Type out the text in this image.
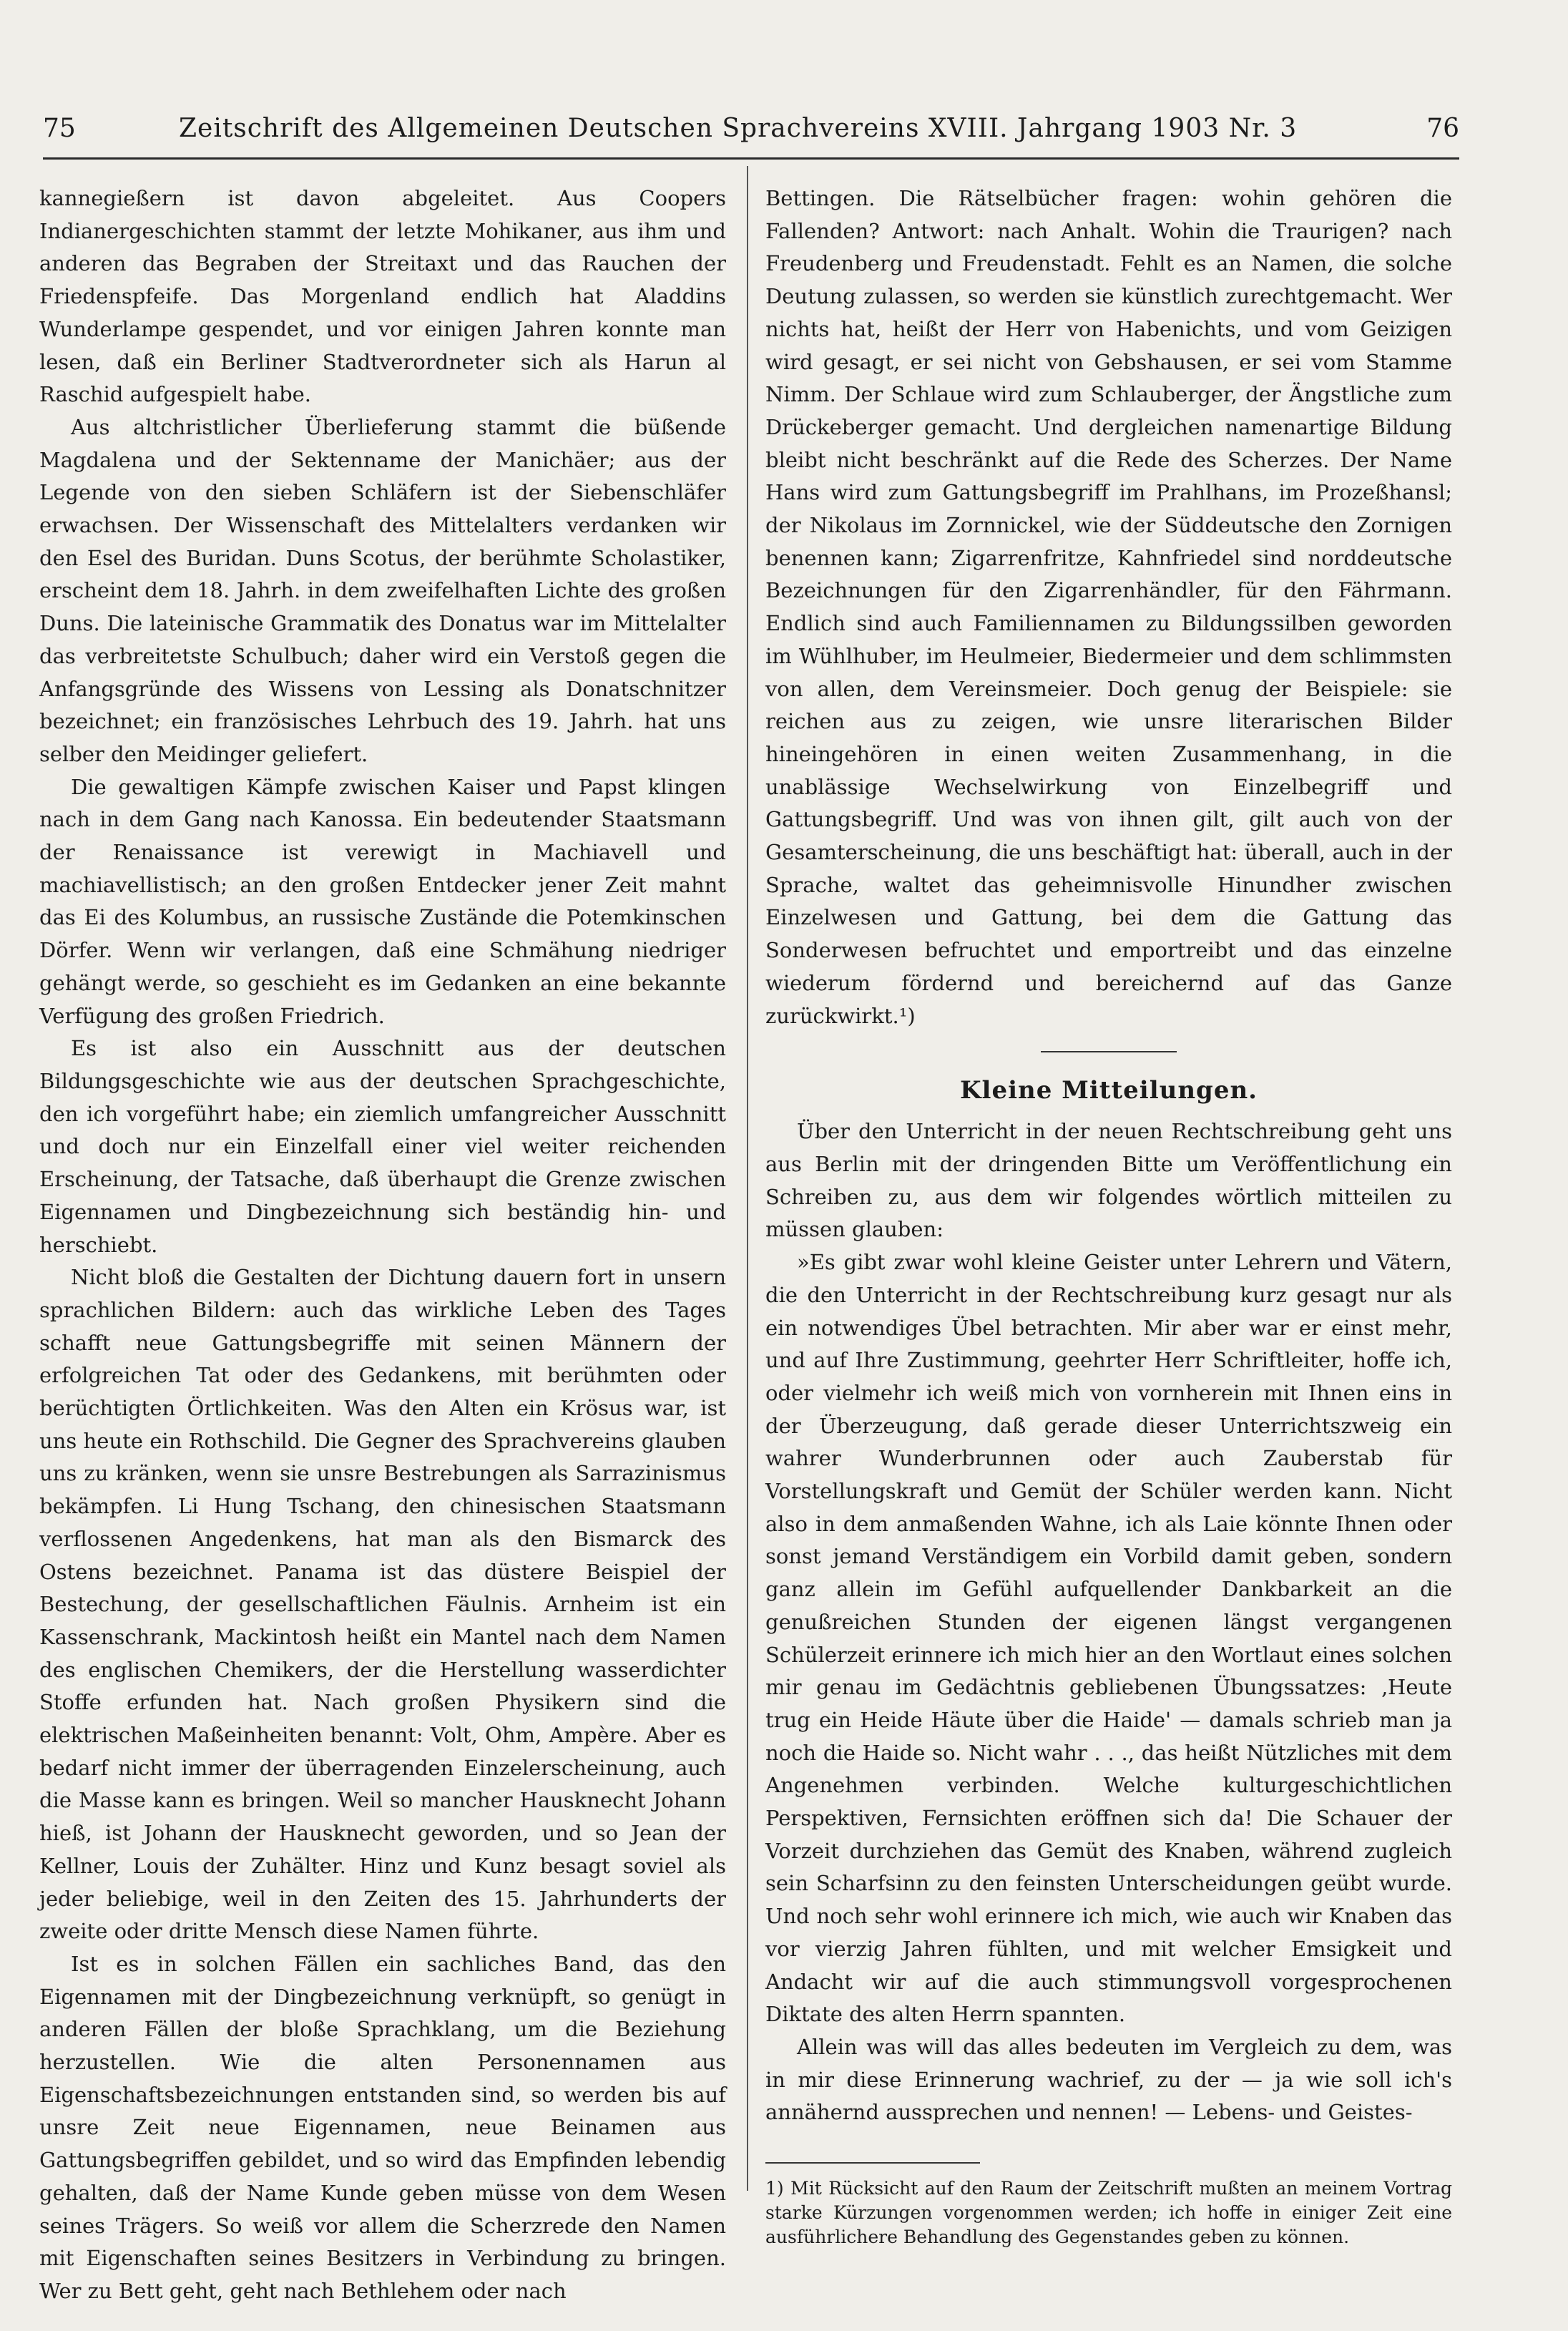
75	Zeitschrift des Allgemeinen Deutschen Sprachvereins XVIII. Jahrgang 1903 Nr. 3	76

kannegießern ist davon abgeleitet. Aus Coopers Indianergeschichten stammt der letzte Mohikaner, aus ihm und anderen das Begraben der Streitaxt und das Rauchen der Friedenspfeife. Das Morgenland endlich hat Aladdins Wunderlampe gespendet, und vor einigen Jahren konnte man lesen, daß ein Berliner Stadtverordneter sich als Harun al Raschid aufgespielt habe.

Aus altchristlicher Überlieferung stammt die büßende Magdalena und der Sektenname der Manichäer; aus der Legende von den sieben Schläfern ist der Siebenschläfer erwachsen. Der Wissenschaft des Mittelalters verdanken wir den Esel des Buridan. Duns Scotus, der berühmte Scholastiker, erscheint dem 18. Jahrh. in dem zweifelhaften Lichte des großen Duns. Die lateinische Grammatik des Donatus war im Mittelalter das verbreitetste Schulbuch; daher wird ein Verstoß gegen die Anfangsgründe des Wissens von Lessing als Donatschnitzer bezeichnet; ein französisches Lehrbuch des 19. Jahrh. hat uns selber den Meidinger geliefert.

Die gewaltigen Kämpfe zwischen Kaiser und Papst klingen nach in dem Gang nach Kanossa. Ein bedeutender Staatsmann der Renaissance ist verewigt in Machiavell und machiavellistisch; an den großen Entdecker jener Zeit mahnt das Ei des Kolumbus, an russische Zustände die Potemkinschen Dörfer. Wenn wir verlangen, daß eine Schmähung niedriger gehängt werde, so geschieht es im Gedanken an eine bekannte Verfügung des großen Friedrich.

Es ist also ein Ausschnitt aus der deutschen Bildungsgeschichte wie aus der deutschen Sprachgeschichte, den ich vorgeführt habe; ein ziemlich umfangreicher Ausschnitt und doch nur ein Einzelfall einer viel weiter reichenden Erscheinung, der Tatsache, daß überhaupt die Grenze zwischen Eigennamen und Dingbezeichnung sich beständig hin- und herschiebt.

Nicht bloß die Gestalten der Dichtung dauern fort in unsern sprachlichen Bildern: auch das wirkliche Leben des Tages schafft neue Gattungsbegriffe mit seinen Männern der erfolgreichen Tat oder des Gedankens, mit berühmten oder berüchtigten Örtlichkeiten. Was den Alten ein Krösus war, ist uns heute ein Rothschild. Die Gegner des Sprachvereins glauben uns zu kränken, wenn sie unsre Bestrebungen als Sarrazinismus bekämpfen. Li Hung Tschang, den chinesischen Staatsmann verflossenen Angedenkens, hat man als den Bismarck des Ostens bezeichnet. Panama ist das düstere Beispiel der Bestechung, der gesellschaftlichen Fäulnis. Arnheim ist ein Kassenschrank, Mackintosh heißt ein Mantel nach dem Namen des englischen Chemikers, der die Herstellung wasserdichter Stoffe erfunden hat. Nach großen Physikern sind die elektrischen Maßeinheiten benannt: Volt, Ohm, Ampère. Aber es bedarf nicht immer der überragenden Einzelerscheinung, auch die Masse kann es bringen. Weil so mancher Hausknecht Johann hieß, ist Johann der Hausknecht geworden, und so Jean der Kellner, Louis der Zuhälter. Hinz und Kunz besagt soviel als jeder beliebige, weil in den Zeiten des 15. Jahrhunderts der zweite oder dritte Mensch diese Namen führte.

Ist es in solchen Fällen ein sachliches Band, das den Eigennamen mit der Dingbezeichnung verknüpft, so genügt in anderen Fällen der bloße Sprachklang, um die Beziehung herzustellen. Wie die alten Personennamen aus Eigenschaftsbezeichnungen entstanden sind, so werden bis auf unsre Zeit neue Eigennamen, neue Beinamen aus Gattungsbegriffen gebildet, und so wird das Empfinden lebendig gehalten, daß der Name Kunde geben müsse von dem Wesen seines Trägers. So weiß vor allem die Scherzrede den Namen mit Eigenschaften seines Besitzers in Verbindung zu bringen. Wer zu Bett geht, geht nach Bethlehem oder nach

Bettingen. Die Rätselbücher fragen: wohin gehören die Fallenden? Antwort: nach Anhalt. Wohin die Traurigen? nach Freudenberg und Freudenstadt. Fehlt es an Namen, die solche Deutung zulassen, so werden sie künstlich zurechtgemacht. Wer nichts hat, heißt der Herr von Habenichts, und vom Geizigen wird gesagt, er sei nicht von Gebshausen, er sei vom Stamme Nimm. Der Schlaue wird zum Schlauberger, der Ängstliche zum Drückeberger gemacht. Und dergleichen namenartige Bildung bleibt nicht beschränkt auf die Rede des Scherzes. Der Name Hans wird zum Gattungsbegriff im Prahlhans, im Prozeßhansl; der Nikolaus im Zornnickel, wie der Süddeutsche den Zornigen benennen kann; Zigarrenfritze, Kahnfriedel sind norddeutsche Bezeichnungen für den Zigarrenhändler, für den Fährmann. Endlich sind auch Familiennamen zu Bildungssilben geworden im Wühlhuber, im Heulmeier, Biedermeier und dem schlimmsten von allen, dem Vereinsmeier. Doch genug der Beispiele: sie reichen aus zu zeigen, wie unsre literarischen Bilder hineingehören in einen weiten Zusammenhang, in die unablässige Wechselwirkung von Einzelbegriff und Gattungsbegriff. Und was von ihnen gilt, gilt auch von der Gesamterscheinung, die uns beschäftigt hat: überall, auch in der Sprache, waltet das geheimnisvolle Hinundher zwischen Einzelwesen und Gattung, bei dem die Gattung das Sonderwesen befruchtet und emportreibt und das einzelne wiederum fördernd und bereichernd auf das Ganze zurückwirkt.¹)

Kleine Mitteilungen.

Über den Unterricht in der neuen Rechtschreibung geht uns aus Berlin mit der dringenden Bitte um Veröffentlichung ein Schreiben zu, aus dem wir folgendes wörtlich mitteilen zu müssen glauben:

»Es gibt zwar wohl kleine Geister unter Lehrern und Vätern, die den Unterricht in der Rechtschreibung kurz gesagt nur als ein notwendiges Übel betrachten. Mir aber war er einst mehr, und auf Ihre Zustimmung, geehrter Herr Schriftleiter, hoffe ich, oder vielmehr ich weiß mich von vornherein mit Ihnen eins in der Überzeugung, daß gerade dieser Unterrichtszweig ein wahrer Wunderbrunnen oder auch Zauberstab für Vorstellungskraft und Gemüt der Schüler werden kann. Nicht also in dem anmaßenden Wahne, ich als Laie könnte Ihnen oder sonst jemand Verständigem ein Vorbild damit geben, sondern ganz allein im Gefühl aufquellender Dankbarkeit an die genußreichen Stunden der eigenen längst vergangenen Schülerzeit erinnere ich mich hier an den Wortlaut eines solchen mir genau im Gedächtnis gebliebenen Übungssatzes: ‚Heute trug ein Heide Häute über die Haide' — damals schrieb man ja noch die Haide so. Nicht wahr . . ., das heißt Nützliches mit dem Angenehmen verbinden. Welche kulturgeschichtlichen Perspektiven, Fernsichten eröffnen sich da! Die Schauer der Vorzeit durchziehen das Gemüt des Knaben, während zugleich sein Scharfsinn zu den feinsten Unterscheidungen geübt wurde. Und noch sehr wohl erinnere ich mich, wie auch wir Knaben das vor vierzig Jahren fühlten, und mit welcher Emsigkeit und Andacht wir auf die auch stimmungsvoll vorgesprochenen Diktate des alten Herrn spannten.

Allein was will das alles bedeuten im Vergleich zu dem, was in mir diese Erinnerung wachrief, zu der — ja wie soll ich's annähernd aussprechen und nennen! — Lebens- und Geistes-

1) Mit Rücksicht auf den Raum der Zeitschrift mußten an meinem Vortrag starke Kürzungen vorgenommen werden; ich hoffe in einiger Zeit eine ausführlichere Behandlung des Gegenstandes geben zu können.
